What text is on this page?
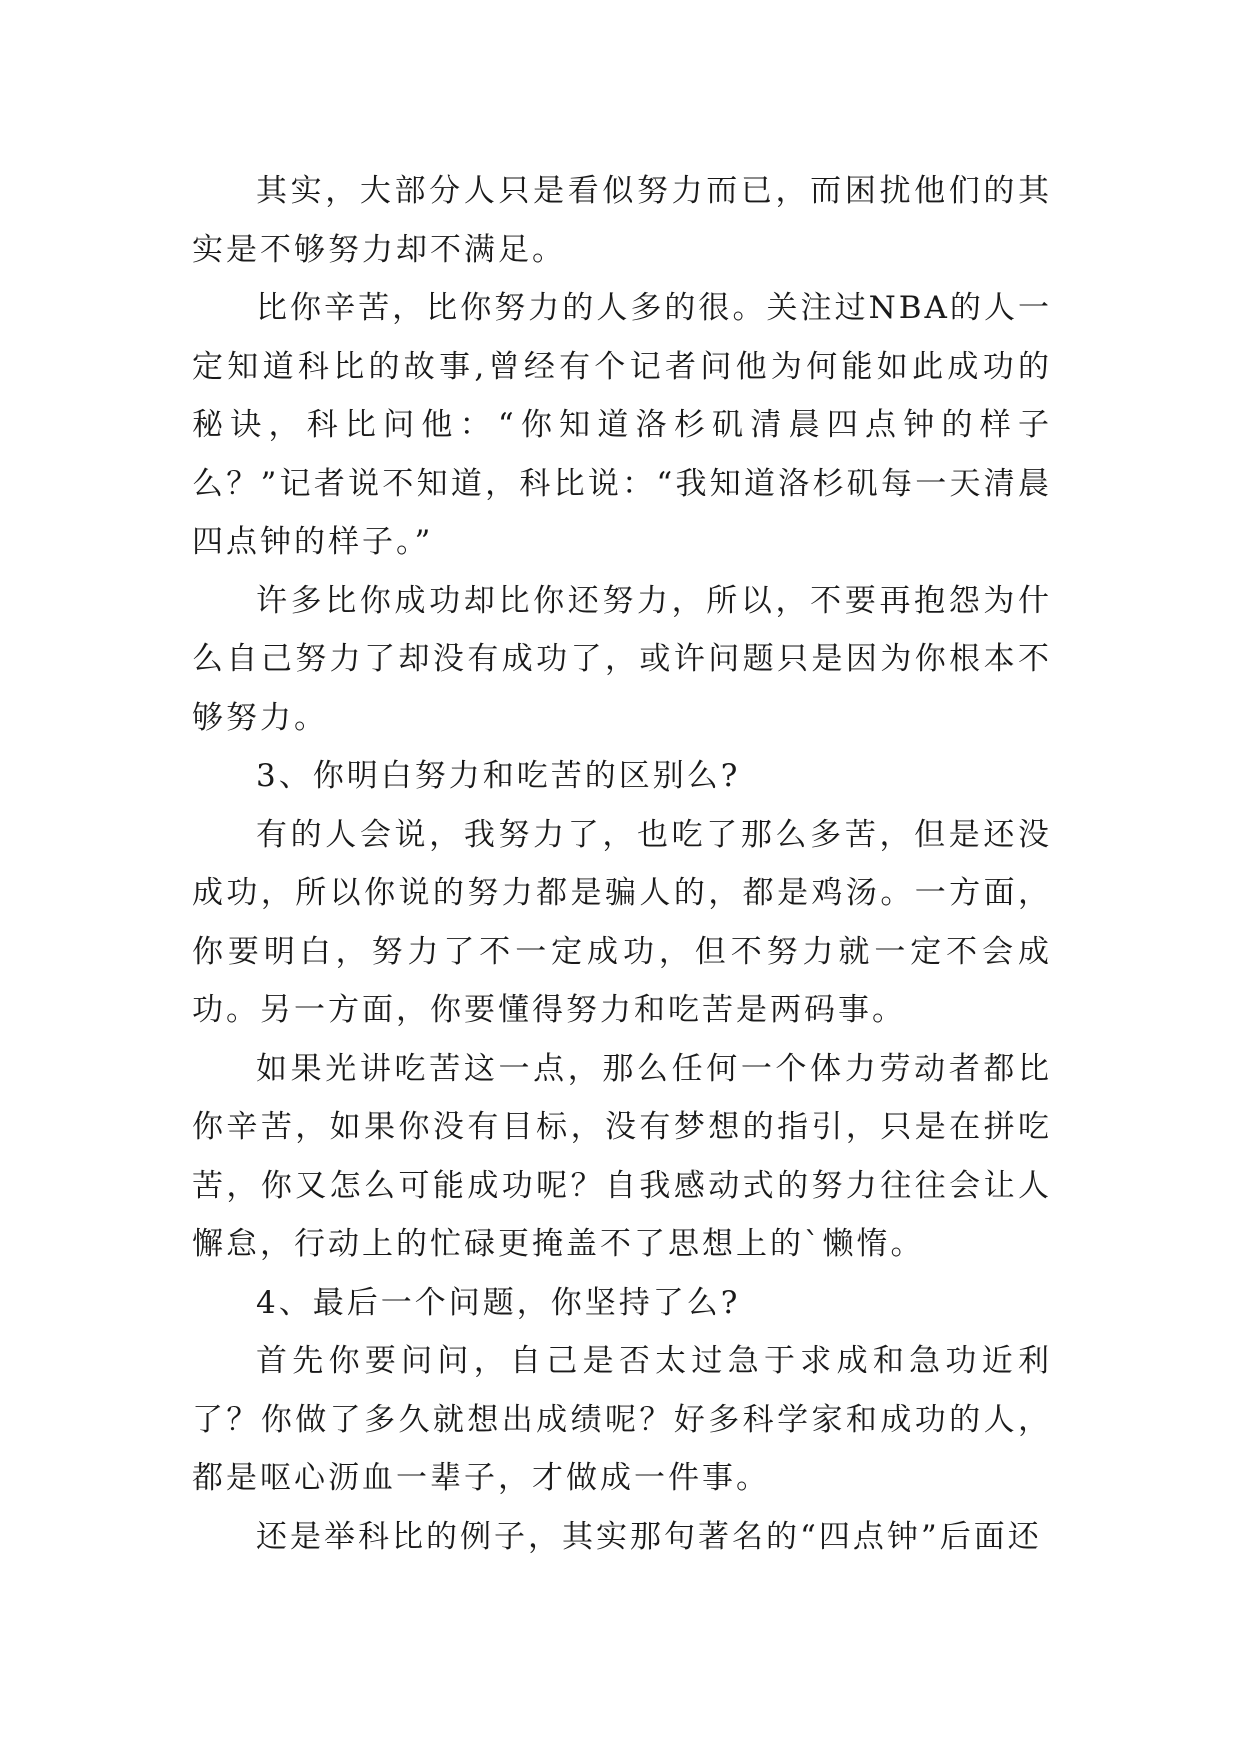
其实，大部分人只是看似努力而已，而困扰他们的其实是不够努力却不满足。

比你辛苦，比你努力的人多的很。关注过NBA的人一定知道科比的故事,曾经有个记者问他为何能如此成功的秘诀，科比问他：“你知道洛杉矶清晨四点钟的样子么？”记者说不知道，科比说：“我知道洛杉矶每一天清晨四点钟的样子。”

许多比你成功却比你还努力，所以，不要再抱怨为什么自己努力了却没有成功了，或许问题只是因为你根本不够努力。

3、你明白努力和吃苦的区别么?

有的人会说，我努力了，也吃了那么多苦，但是还没成功，所以你说的努力都是骗人的，都是鸡汤。一方面，你要明白，努力了不一定成功，但不努力就一定不会成功。另一方面，你要懂得努力和吃苦是两码事。

如果光讲吃苦这一点，那么任何一个体力劳动者都比你辛苦，如果你没有目标，没有梦想的指引，只是在拼吃苦，你又怎么可能成功呢？自我感动式的努力往往会让人懈怠，行动上的忙碌更掩盖不了思想上的`懒惰。

4、最后一个问题，你坚持了么?

首先你要问问，自己是否太过急于求成和急功近利了？你做了多久就想出成绩呢？好多科学家和成功的人，都是呕心沥血一辈子，才做成一件事。

还是举科比的例子，其实那句著名的“四点钟”后面还
